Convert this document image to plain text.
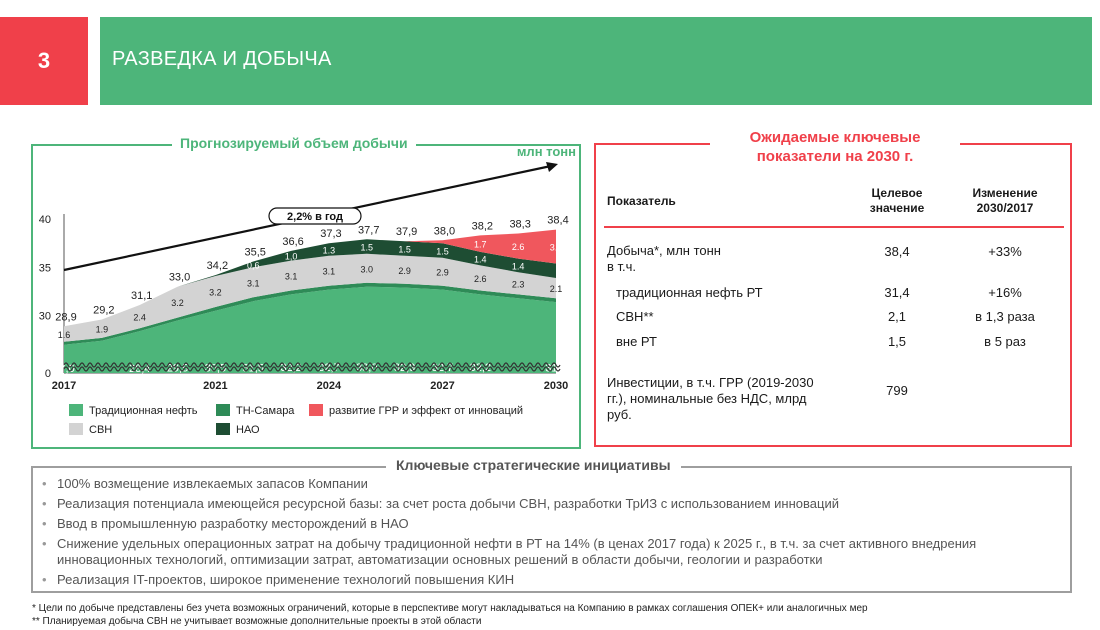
3	РАЗВЕДКА И ДОБЫЧА
Прогнозируемый объем добычи
0
30
35
40
27,0	28,4 29,5 30,5 31,5 32,2 32,7 33,0 32,9 32,7 32,2	31,4
1.6
1.9
2.4
3.2
3.2
3.1
3.1	3.1	3.0	2.9	2.9
2.6
2.3	2.1
0,6
1,0
1.3	1.5	1.5	1.5
1.4
1.4
1.7	2.6	3.5
28,9
29,2
31,1
33,0
34,2
35,5
36,6
37,3 37,7 37,9 38,0 38,2 38,3 38,4
2017	2021	2024	2027	2030
2,2% в год
млн тонн
Традиционная нефть	ТН-Самара	развитие ГРР и эффект от инноваций
СВН	НАО
Ожидаемые ключевые показатели на 2030 г.
Показатель
Целевое значение
Изменение 2030/2017
Добыча*, млн тонн
в т.ч.
38,4	+33%
традиционная нефть РТ	31,4	+16%
СВН**	2,1	в 1,3 раза
вне РТ	1,5	в 5 раз
Инвестиции, в т.ч. ГРР (2019-2030 гг.), номинальные без НДС, млрд руб.
799
Ключевые стратегические инициативы
• 100% возмещение извлекаемых запасов Компании
• Реализация потенциала имеющейся ресурсной базы: за счет роста добычи СВН, разработки ТрИЗ с использованием инноваций
• Ввод в промышленную разработку месторождений в НАО
• Снижение удельных операционных затрат на добычу традиционной нефти в РТ на 14% (в ценах 2017 года) к 2025 г., в т.ч. за счет активного внедрения инновационных технологий, оптимизации затрат, автоматизации основных решений в области добычи, геологии и разработки
• Реализация IT-проектов, широкое применение технологий повышения КИН
* Цели по добыче представлены без учета возможных ограничений, которые в перспективе могут накладываться на Компанию в рамках соглашения ОПЕК+ или аналогичных мер
** Планируемая добыча СВН не учитывает возможные дополнительные проекты в этой области
